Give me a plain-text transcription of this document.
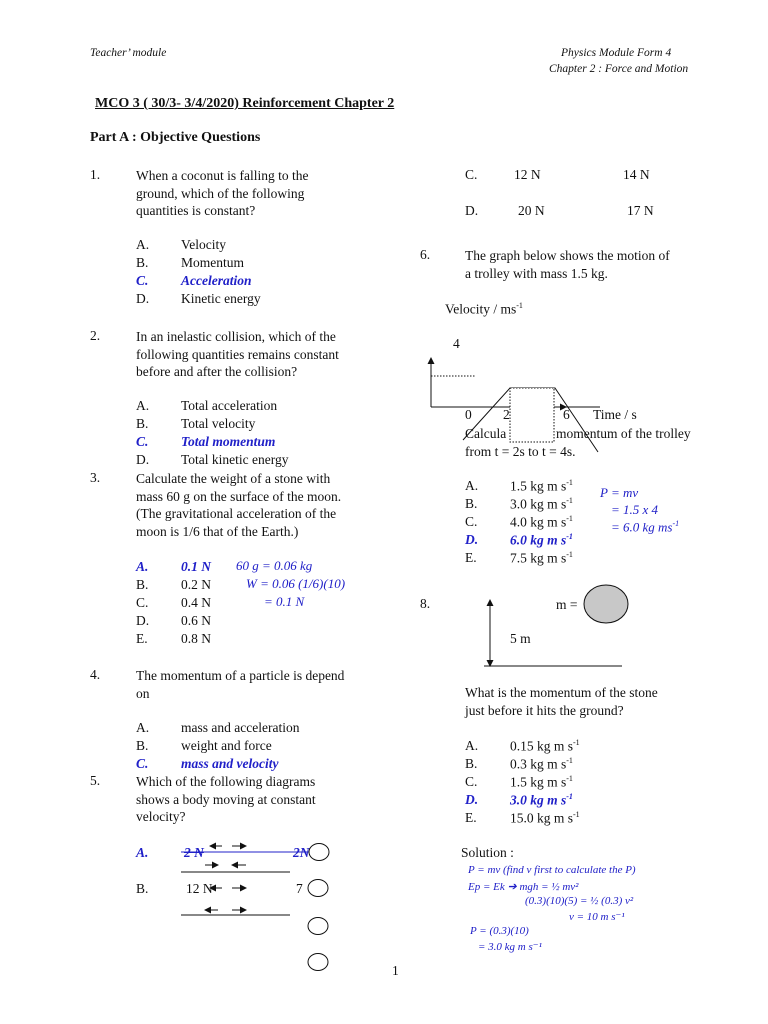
Teacher’ module	Physics Module Form 4
Chapter 2 : Force and Motion
MCO 3 ( 30/3- 3/4/2020) Reinforcement Chapter 2
Part A : Objective Questions
1.	When a coconut is falling to the
ground, which of the following
quantities is constant?
A. Velocity
B. Momentum
C. Acceleration
D. Kinetic energy
2.	In an inelastic collision, which of the
following quantities remains constant
before and after the collision?
A. Total acceleration
B. Total velocity
C. Total momentum
D. Total kinetic energy
3.	Calculate the weight of a stone with
mass 60 g on the surface of the moon.
(The gravitational acceleration of the
moon is 1/6 that of the Earth.)
A. 0.1 N
B. 0.2 N
C. 0.4 N
D. 0.6 N
E. 0.8 N
60 g = 0.06 kg
W = 0.06 (1/6)(10)
= 0.1 N
4.	The momentum of a particle is depend
on
A. mass and acceleration
B. weight and force
C. mass and velocity
5.	Which of the following diagrams
shows a body moving at constant
velocity?
A.	2 N	2N
B.	12 N	7
C.	12 N	14 N
D.	20 N	17 N
6.	The graph below shows the motion of
a trolley with mass 1.5 kg.
Velocity / $ms^{-1}$
4
0 2	6 Time / s
Calcula	momentum of the trolley
from t = 2s to t = 4s.
A. 1.5 kg m $s^{-1}$
B. 3.0 kg m $s^{-1}$
C. 4.0 kg m $s^{-1}$
D. 6.0 kg m $s^{-1}$
E. 7.5 kg m $s^{-1}$
P = mv
= 1.5 x 4
= 6.0 kg $ms^{-1}$
8.	m =
5 m
What is the momentum of the stone
just before it hits the ground?
A. 0.15 kg m $s^{-1}$
B. 0.3 kg m $s^{-1}$
C. 1.5 kg m $s^{-1}$
D. 3.0 kg m $s^{-1}$
E. 15.0 kg m $s^{-1}$
Solution :
P = mv (find v first to calculate the P)
Ep = Ek ➔ mgh = ½ mv²
(0.3)(10)(5) = ½ (0.3) v²
v = 10 m s⁻¹
P = (0.3)(10)
= 3.0 kg m s⁻¹
1
